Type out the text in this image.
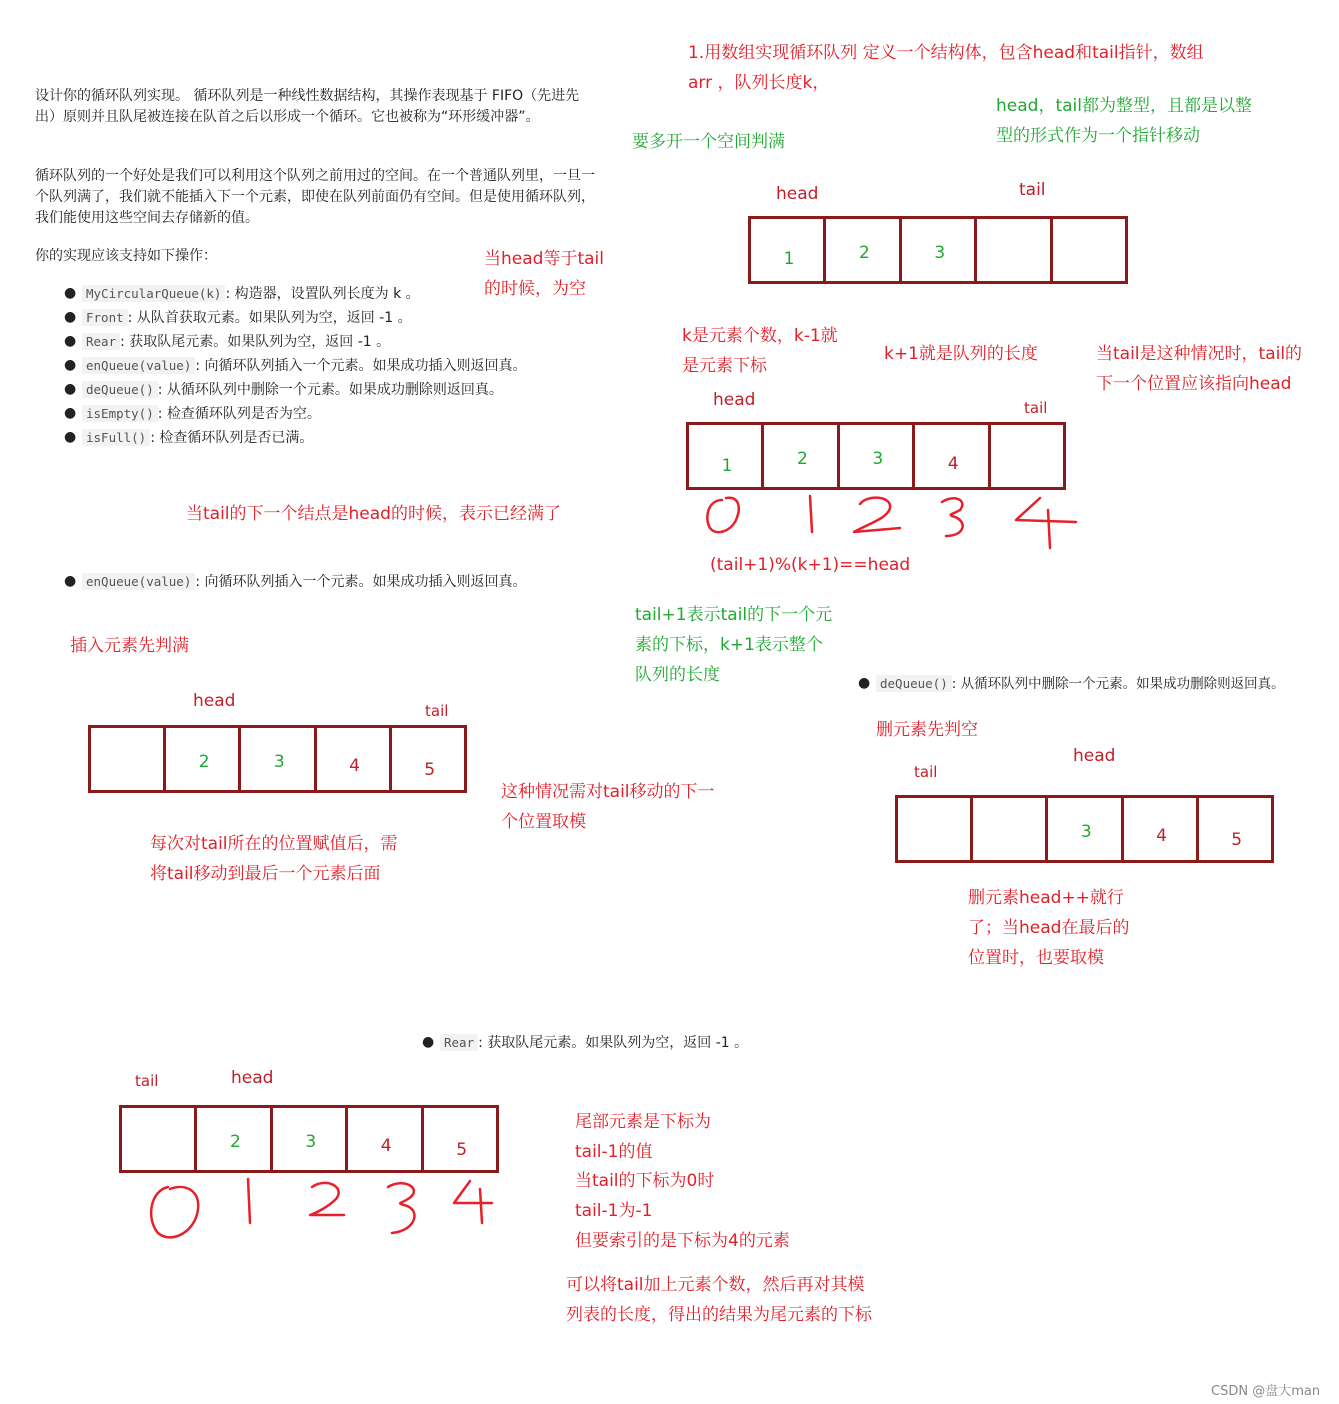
设计你的循环队列实现。 循环队列是一种线性数据结构，其操作表现基于 FIFO（先进先出）原则并且队尾被连接在队首之后以形成一个循环。它也被称为“环形缓冲器”。
循环队列的一个好处是我们可以利用这个队列之前用过的空间。在一个普通队列里，一旦一个队列满了，我们就不能插入下一个元素，即使在队列前面仍有空间。但是使用循环队列，我们能使用这些空间去存储新的值。
你的实现应该支持如下操作：
● MyCircularQueue(k) : 构造器，设置队列长度为 k 。
● Front : 从队首获取元素。如果队列为空，返回 -1 。
● Rear : 获取队尾元素。如果队列为空，返回 -1 。
● enQueue(value) : 向循环队列插入一个元素。如果成功插入则返回真。
● deQueue() : 从循环队列中删除一个元素。如果成功删除则返回真。
● isEmpty() : 检查循环队列是否为空。
● isFull() : 检查循环队列是否已满。
1.用数组实现循环队列 定义一个结构体，包含head和tail指针，数组arr ，队列长度k，
head，tail都为整型，且都是以整型的形式作为一个指针移动
要多开一个空间判满
head	tail
1	2	3
当head等于tail的时候，为空
k是元素个数，k-1就是元素下标
k+1就是队列的长度	当tail是这种情况时，tail的下一个位置应该指向head
head	tail
1	2	3	4
(tail+1)%(k+1)==head
tail+1表示tail的下一个元素的下标，k+1表示整个队列的长度
当tail的下一个结点是head的时候，表示已经满了
● enQueue(value) : 向循环队列插入一个元素。如果成功插入则返回真。
插入元素先判满
head	tail
2	3	4	5
这种情况需对tail移动的下一个位置取模
每次对tail所在的位置赋值后，需将tail移动到最后一个元素后面
● deQueue() : 从循环队列中删除一个元素。如果成功删除则返回真。
删元素先判空
head
tail
3	4	5
删元素head++就行了；当head在最后的位置时，也要取模
● Rear : 获取队尾元素。如果队列为空，返回 -1 。
tail	head
2	3	4	5
尾部元素是下标为
tail-1的值
当tail的下标为0时
tail-1为-1
但要索引的是下标为4的元素
可以将tail加上元素个数，然后再对其模列表的长度，得出的结果为尾元素的下标
CSDN @盘大man
